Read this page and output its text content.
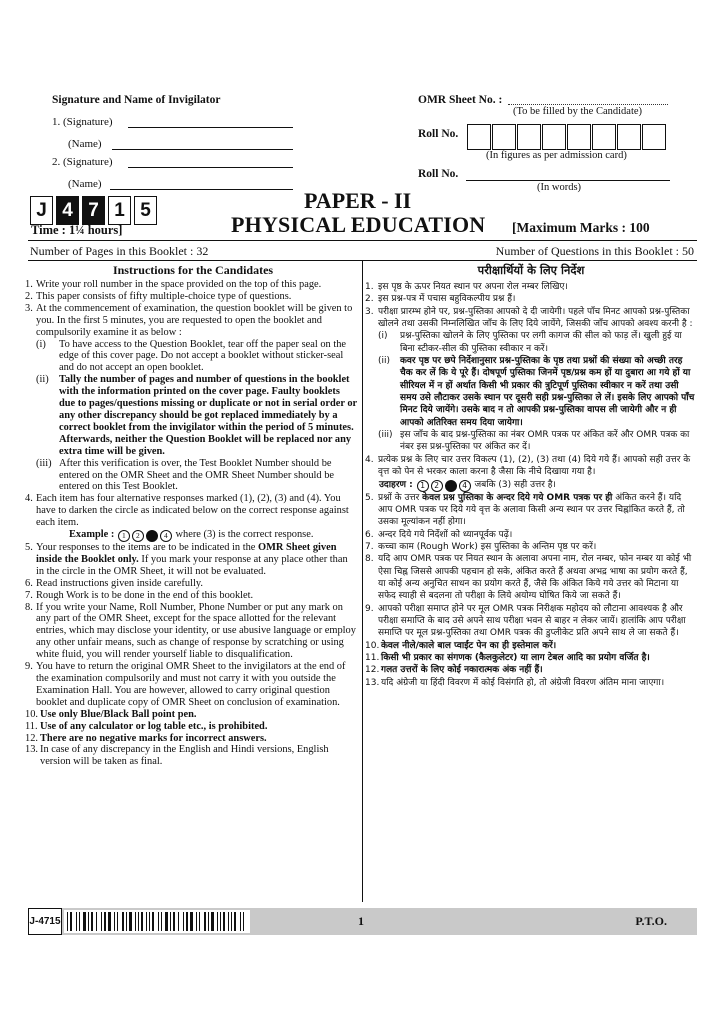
Signature and Name of Invigilator
1. (Signature)
(Name)
2. (Signature)
(Name)
OMR Sheet No. :
(To be filled by the Candidate)
Roll No.
(In figures as per admission card)
Roll No.
(In words)
J 4 7 1 5	PAPER - II
PHYSICAL EDUCATION [Maximum Marks : 100
Time : 1¼ hours]
Number of Pages in this Booklet : 32	Number of Questions in this Booklet : 50
Instructions for the Candidates
1. Write your roll number in the space provided on the top of this page.
2. This paper consists of fifty multiple-choice type of questions.
3. At the commencement of examination, the question booklet will be given to you. In the first 5 minutes, you are requested to open the booklet and compulsorily examine it as below :
(i) To have access to the Question Booklet, tear off the paper seal on the edge of this cover page. Do not accept a booklet without sticker-seal and do not accept an open booklet.
(ii) Tally the number of pages and number of questions in the booklet with the information printed on the cover page. Faulty booklets due to pages/questions missing or duplicate or not in serial order or any other discrepancy should be got replaced immediately by a correct booklet from the invigilator within the period of 5 minutes. Afterwards, neither the Question Booklet will be replaced nor any extra time will be given.
(iii) After this verification is over, the Test Booklet Number should be entered on the OMR Sheet and the OMR Sheet Number should be entered on this Test Booklet.
4. Each item has four alternative responses marked (1), (2), (3) and (4). You have to darken the circle as indicated below on the correct response against each item.
Example : 1 2 3 4 where (3) is the correct response.
5. Your responses to the items are to be indicated in the OMR Sheet given inside the Booklet only. If you mark your response at any place other than in the circle in the OMR Sheet, it will not be evaluated.
6. Read instructions given inside carefully.
7. Rough Work is to be done in the end of this booklet.
8. If you write your Name, Roll Number, Phone Number or put any mark on any part of the OMR Sheet, except for the space allotted for the relevant entries, which may disclose your identity, or use abusive language or employ any other unfair means, such as change of response by scratching or using white fluid, you will render yourself liable to disqualification.
9. You have to return the original OMR Sheet to the invigilators at the end of the examination compulsorily and must not carry it with you outside the Examination Hall. You are however, allowed to carry original question booklet and duplicate copy of OMR Sheet on conclusion of examination.
10. Use only Blue/Black Ball point pen.
11. Use of any calculator or log table etc., is prohibited.
12. There are no negative marks for incorrect answers.
13. In case of any discrepancy in the English and Hindi versions, English version will be taken as final.
परीक्षार्थियों के लिए निर्देश
1. इस पृष्ठ के ऊपर नियत स्थान पर अपना रोल नम्बर लिखिए।
2. इस प्रश्न-पत्र में पचास बहुविकल्पीय प्रश्न हैं।
3. परीक्षा प्रारम्भ होने पर, प्रश्न-पुस्तिका आपको दे दी जायेगी। पहले पाँच मिनट आपको प्रश्न-पुस्तिका खोलने तथा उसकी निम्नलिखित जाँच के लिए दिये जायेंगे, जिसकी जाँच आपको अवश्य करनी है :
(i) प्रश्न-पुस्तिका खोलने के लिए पुस्तिका पर लगी कागज की सील को फाड़ लें। खुली हुई या बिना स्टीकर-सील की पुस्तिका स्वीकार न करें।
(ii) कवर पृष्ठ पर छपे निर्देशानुसार प्रश्न-पुस्तिका के पृष्ठ तथा प्रश्नों की संख्या को अच्छी तरह चैक कर लें कि ये पूरे हैं। दोषपूर्ण पुस्तिका जिनमें पृष्ठ/प्रश्न कम हों या दुबारा आ गये हों या सीरियल में न हों अर्थात किसी भी प्रकार की त्रुटिपूर्ण पुस्तिका स्वीकार न करें तथा उसी समय उसे लौटाकर उसके स्थान पर दूसरी सही प्रश्न-पुस्तिका ले लें। इसके लिए आपको पाँच मिनट दिये जायेंगे। उसके बाद न तो आपकी प्रश्न-पुस्तिका वापस ली जायेगी और न ही आपको अतिरिक्त समय दिया जायेगा।
(iii) इस जाँच के बाद प्रश्न-पुस्तिका का नंबर OMR पत्रक पर अंकित करें और OMR पत्रक का नंबर इस प्रश्न-पुस्तिका पर अंकित कर दें।
4. प्रत्येक प्रश्न के लिए चार उत्तर विकल्प (1), (2), (3) तथा (4) दिये गये हैं। आपको सही उत्तर के वृत्त को पेन से भरकर काला करना है जैसा कि नीचे दिखाया गया है।
उदाहरण : 1 2 3 4 जबकि (3) सही उत्तर है।
5. प्रश्नों के उत्तर केवल प्रश्न पुस्तिका के अन्दर दिये गये OMR पत्रक पर ही अंकित करने हैं। यदि आप OMR पत्रक पर दिये गये वृत्त के अलावा किसी अन्य स्थान पर उत्तर चिह्नांकित करते हैं, तो उसका मूल्यांकन नहीं होगा।
6. अन्दर दिये गये निर्देशों को ध्यानपूर्वक पढ़ें।
7. कच्चा काम (Rough Work) इस पुस्तिका के अन्तिम पृष्ठ पर करें।
8. यदि आप OMR पत्रक पर नियत स्थान के अलावा अपना नाम, रोल नम्बर, फोन नम्बर या कोई भी ऐसा चिह्न जिससे आपकी पहचान हो सके, अंकित करते हैं अथवा अभद्र भाषा का प्रयोग करते हैं, या कोई अन्य अनुचित साधन का प्रयोग करते हैं, जैसे कि अंकित किये गये उत्तर को मिटाना या सफेद स्याही से बदलना तो परीक्षा के लिये अयोग्य घोषित किये जा सकते हैं।
9. आपको परीक्षा समाप्त होने पर मूल OMR पत्रक निरीक्षक महोदय को लौटाना आवश्यक है और परीक्षा समाप्ति के बाद उसे अपने साथ परीक्षा भवन से बाहर न लेकर जायें। हालांकि आप परीक्षा समाप्ति पर मूल प्रश्न-पुस्तिका तथा OMR पत्रक की डुप्लीकेट प्रति अपने साथ ले जा सकते हैं।
10. केवल नीले/काले बाल प्वाईंट पेन का ही इस्तेमाल करें।
11. किसी भी प्रकार का संगणक (कैलकुलेटर) या लाग टेबल आदि का प्रयोग वर्जित है।
12. गलत उत्तरों के लिए कोई नकारात्मक अंक नहीं हैं।
13. यदि अंग्रेजी या हिंदी विवरण में कोई विसंगति हो, तो अंग्रेजी विवरण अंतिम माना जाएगा।
J-4715	1	P.T.O.
